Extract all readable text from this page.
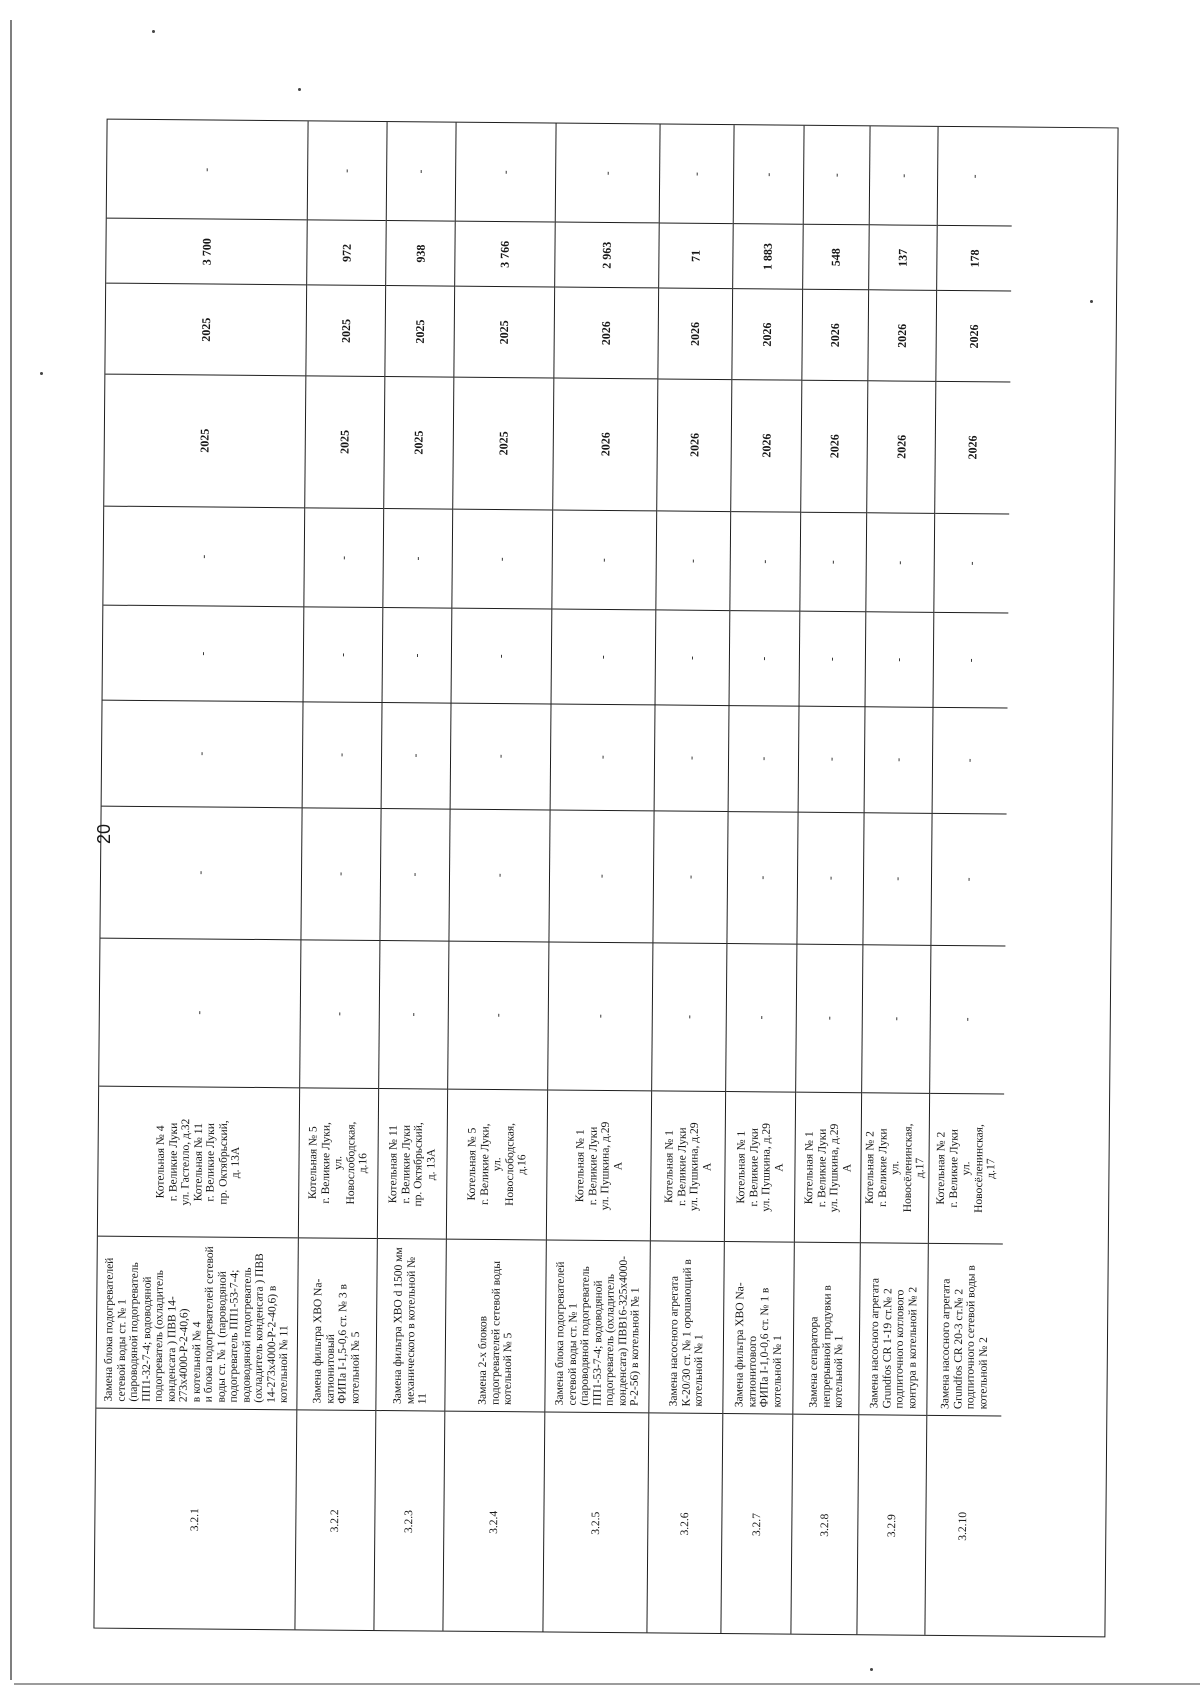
20
3.2.1
Замена блока подогревателей сетевой воды ст. № 1
(пароводяной подогреватель ПП1-32-7-4; водоводяной подогреватель (охладитель конденсата ) ПВВ 14- 273х4000-Р-2-40,6)
в котельной № 4
и блока подогревателей сетевой воды ст. № 1 (пароводяной подогреватель ПП1-53-7-4; водоводяной подогреватель (охладитель конденсата ) ПВВ 14-273х4000-Р-2-40,6) в котельной № 11
Котельная № 4
г. Великие Луки
ул. Гастелло, д.32
Котельная № 11
г. Великие Луки
пр. Октябрьский,
д. 13А
-
-
-
-
-
2025
2025
3 700
-
3.2.2
Замена фильтра ХВО Na-катионитовый
ФИПа I-1,5-0,6 ст. № 3 в котельной № 5
Котельная № 5
г. Великие Луки,
ул.
Новослободская,
д.16
-
-
-
-
-
2025
2025
972
-
3.2.3
Замена фильтра ХВО d 1500 мм механического в котельной № 11
Котельная № 11
г. Великие Луки
пр. Октябрьский,
д. 13А
-
-
-
-
-
2025
2025
938
-
3.2.4
Замена 2-х блоков подогревателей сетевой воды котельной № 5
Котельная № 5
г. Великие Луки,
ул.
Новослободская,
д.16
-
-
-
-
-
2025
2025
3 766
-
3.2.5
Замена блока подогревателей сетевой воды ст. № 1
(пароводяной подогреватель ПП1-53-7-4; водоводяной подогреватель (охладитель конденсата) ПВВ16-325х4000-Р-2-56) в котельной № 1
Котельная № 1
г. Великие Луки
ул. Пушкина, д.29
А
-
-
-
-
-
2026
2026
2 963
-
3.2.6
Замена насосного агрегата К-20/30 ст. № 1 орошающий в котельной № 1
Котельная № 1
г. Великие Луки
ул. Пушкина, д.29
А
-
-
-
-
-
2026
2026
71
-
3.2.7
Замена фильтра ХВО Na-катионитового
ФИПа I-1,0-0,6 ст. № 1 в котельной № 1
Котельная № 1
г. Великие Луки
ул. Пушкина, д.29
А
-
-
-
-
-
2026
2026
1 883
-
3.2.8
Замена сепаратора непрерывной продувки в котельной № 1
Котельная № 1
г. Великие Луки
ул. Пушкина, д.29
А
-
-
-
-
-
2026
2026
548
-
3.2.9
Замена насосного агрегата Grundfos CR 1-19 ст.№ 2 подпиточного котлового контура в котельной № 2
Котельная № 2
г. Великие Луки
ул.
Новосёленинская,
д.17
-
-
-
-
-
2026
2026
137
-
3.2.10
Замена насосного агрегата Grundfos CR 20-3 ст.№ 2 подпиточного сетевой воды в котельной № 2
Котельная № 2
г. Великие Луки
ул.
Новосёленинская,
д.17
-
-
-
-
-
2026
2026
178
-
